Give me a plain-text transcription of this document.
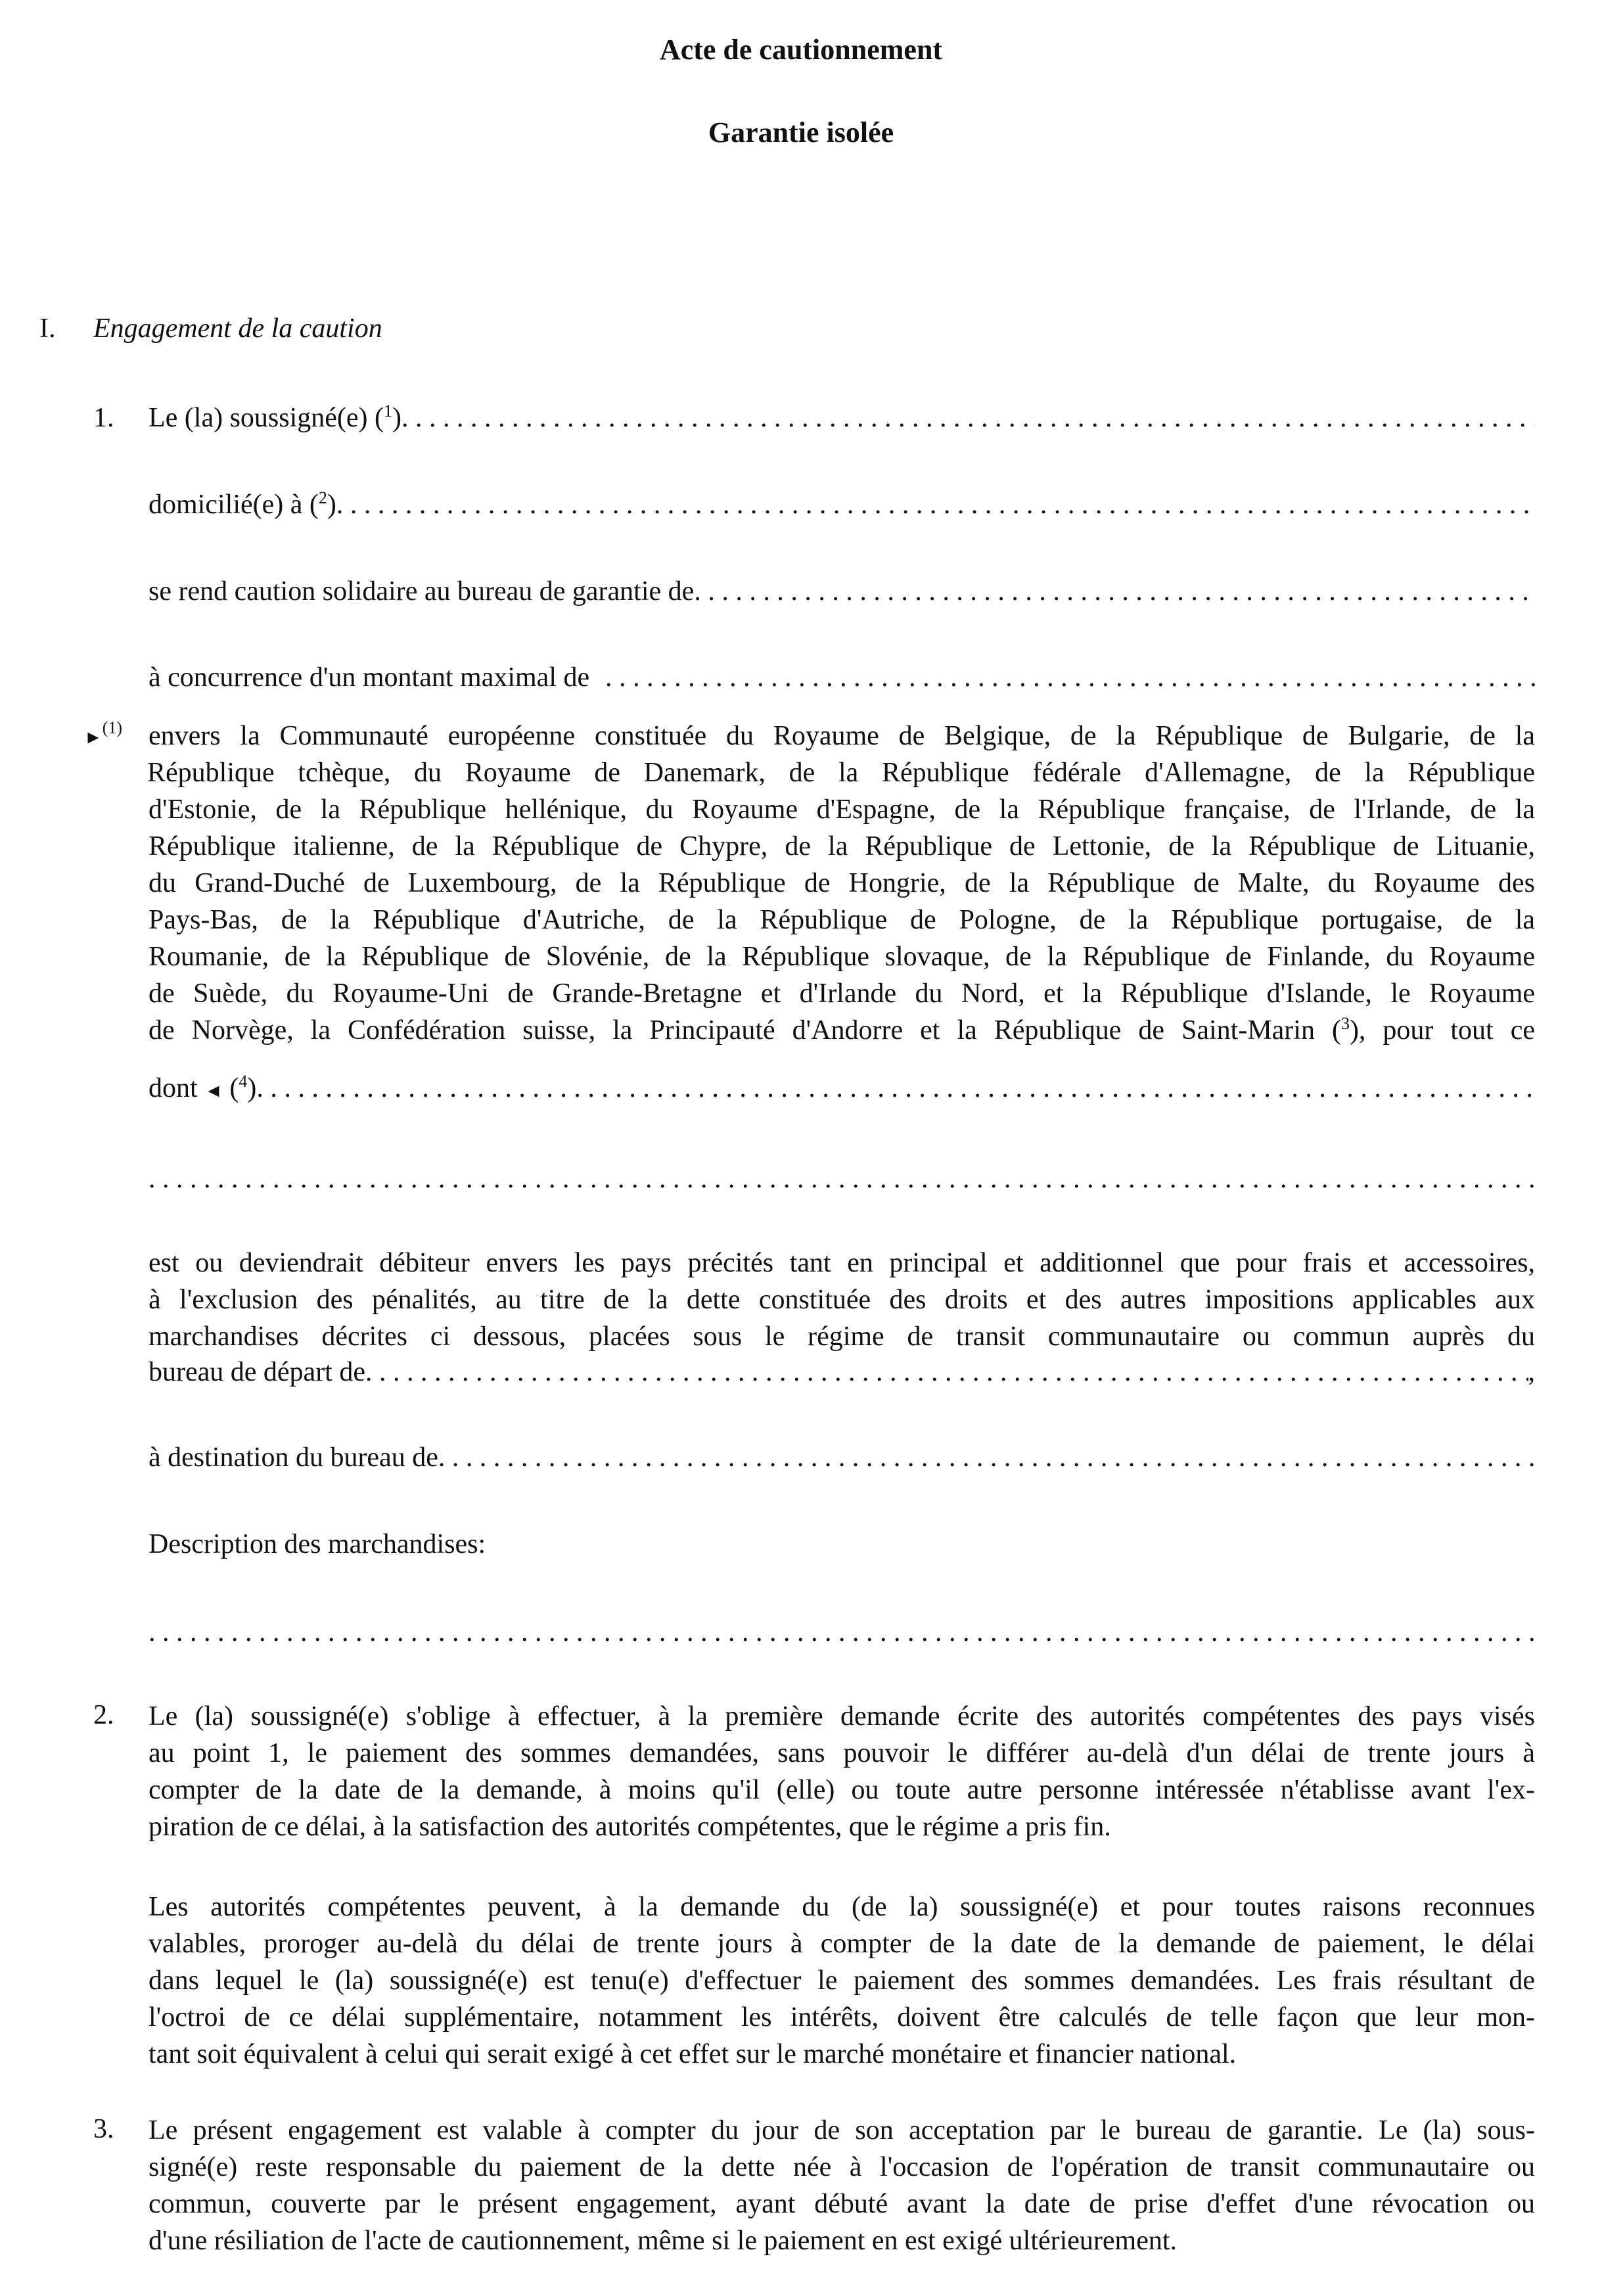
Acte de cautionnement
Garantie isolée
I. Engagement de la caution
1. Le (la) soussigné(e) ($^1$)
. . .
domicilié(e) à ($^2$)
. . .
se rend caution solidaire au bureau de garantie de
. . .
à concurrence d'un montant maximal de
. . .
►$^{(1)}$ envers la Communauté européenne constituée du Royaume de Belgique, de la République de Bulgarie, de la
République tchèque, du Royaume de Danemark, de la République fédérale d'Allemagne, de la République
d'Estonie, de la République hellénique, du Royaume d'Espagne, de la République française, de l'Irlande, de la
République italienne, de la République de Chypre, de la République de Lettonie, de la République de Lituanie,
du Grand-Duché de Luxembourg, de la République de Hongrie, de la République de Malte, du Royaume des
Pays-Bas, de la République d'Autriche, de la République de Pologne, de la République portugaise, de la
Roumanie, de la République de Slovénie, de la République slovaque, de la République de Finlande, du Royaume
de Suède, du Royaume-Uni de Grande-Bretagne et d'Irlande du Nord, et la République d'Islande, le Royaume
de Norvège, la Confédération suisse, la Principauté d'Andorre et la République de Saint-Marin ($^3$), pour tout ce
dont ◄ ($^4$)
. . .
. . .
est ou deviendrait débiteur envers les pays précités tant en principal et additionnel que pour frais et accessoires,
à l'exclusion des pénalités, au titre de la dette constituée des droits et des autres impositions applicables aux
marchandises décrites ci dessous, placées sous le régime de transit communautaire ou commun auprès du
bureau de départ de
. . .	,
à destination du bureau de
. . .
Description des marchandises:
. . .
2. Le (la) soussigné(e) s'oblige à effectuer, à la première demande écrite des autorités compétentes des pays visés
au point 1, le paiement des sommes demandées, sans pouvoir le différer au-delà d'un délai de trente jours à
compter de la date de la demande, à moins qu'il (elle) ou toute autre personne intéressée n'établisse avant l'ex-
piration de ce délai, à la satisfaction des autorités compétentes, que le régime a pris fin.
Les autorités compétentes peuvent, à la demande du (de la) soussigné(e) et pour toutes raisons reconnues
valables, proroger au-delà du délai de trente jours à compter de la date de la demande de paiement, le délai
dans lequel le (la) soussigné(e) est tenu(e) d'effectuer le paiement des sommes demandées. Les frais résultant de
l'octroi de ce délai supplémentaire, notamment les intérêts, doivent être calculés de telle façon que leur mon-
tant soit équivalent à celui qui serait exigé à cet effet sur le marché monétaire et financier national.
3. Le présent engagement est valable à compter du jour de son acceptation par le bureau de garantie. Le (la) sous-
signé(e) reste responsable du paiement de la dette née à l'occasion de l'opération de transit communautaire ou
commun, couverte par le présent engagement, ayant débuté avant la date de prise d'effet d'une révocation ou
d'une résiliation de l'acte de cautionnement, même si le paiement en est exigé ultérieurement.
